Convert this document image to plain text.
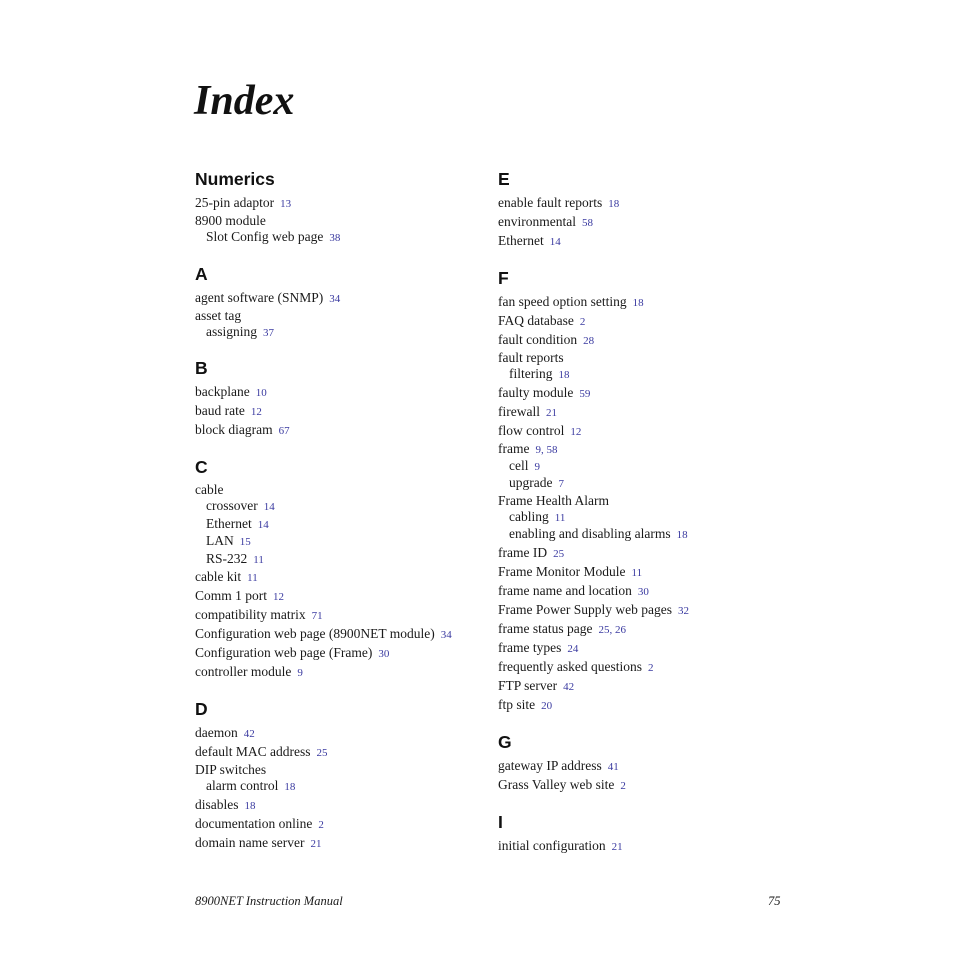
Index
Numerics
25-pin adaptor 13
8900 module
Slot Config web page 38
A
agent software (SNMP) 34
asset tag
assigning 37
B
backplane 10
baud rate 12
block diagram 67
C
cable
crossover 14
Ethernet 14
LAN 15
RS-232 11
cable kit 11
Comm 1 port 12
compatibility matrix 71
Configuration web page (8900NET module) 34
Configuration web page (Frame) 30
controller module 9
D
daemon 42
default MAC address 25
DIP switches
alarm control 18
disables 18
documentation online 2
domain name server 21
E
enable fault reports 18
environmental 58
Ethernet 14
F
fan speed option setting 18
FAQ database 2
fault condition 28
fault reports
filtering 18
faulty module 59
firewall 21
flow control 12
frame 9, 58
cell 9
upgrade 7
Frame Health Alarm
cabling 11
enabling and disabling alarms 18
frame ID 25
Frame Monitor Module 11
frame name and location 30
Frame Power Supply web pages 32
frame status page 25, 26
frame types 24
frequently asked questions 2
FTP server 42
ftp site 20
G
gateway IP address 41
Grass Valley web site 2
I
initial configuration 21
8900NET Instruction Manual	75
